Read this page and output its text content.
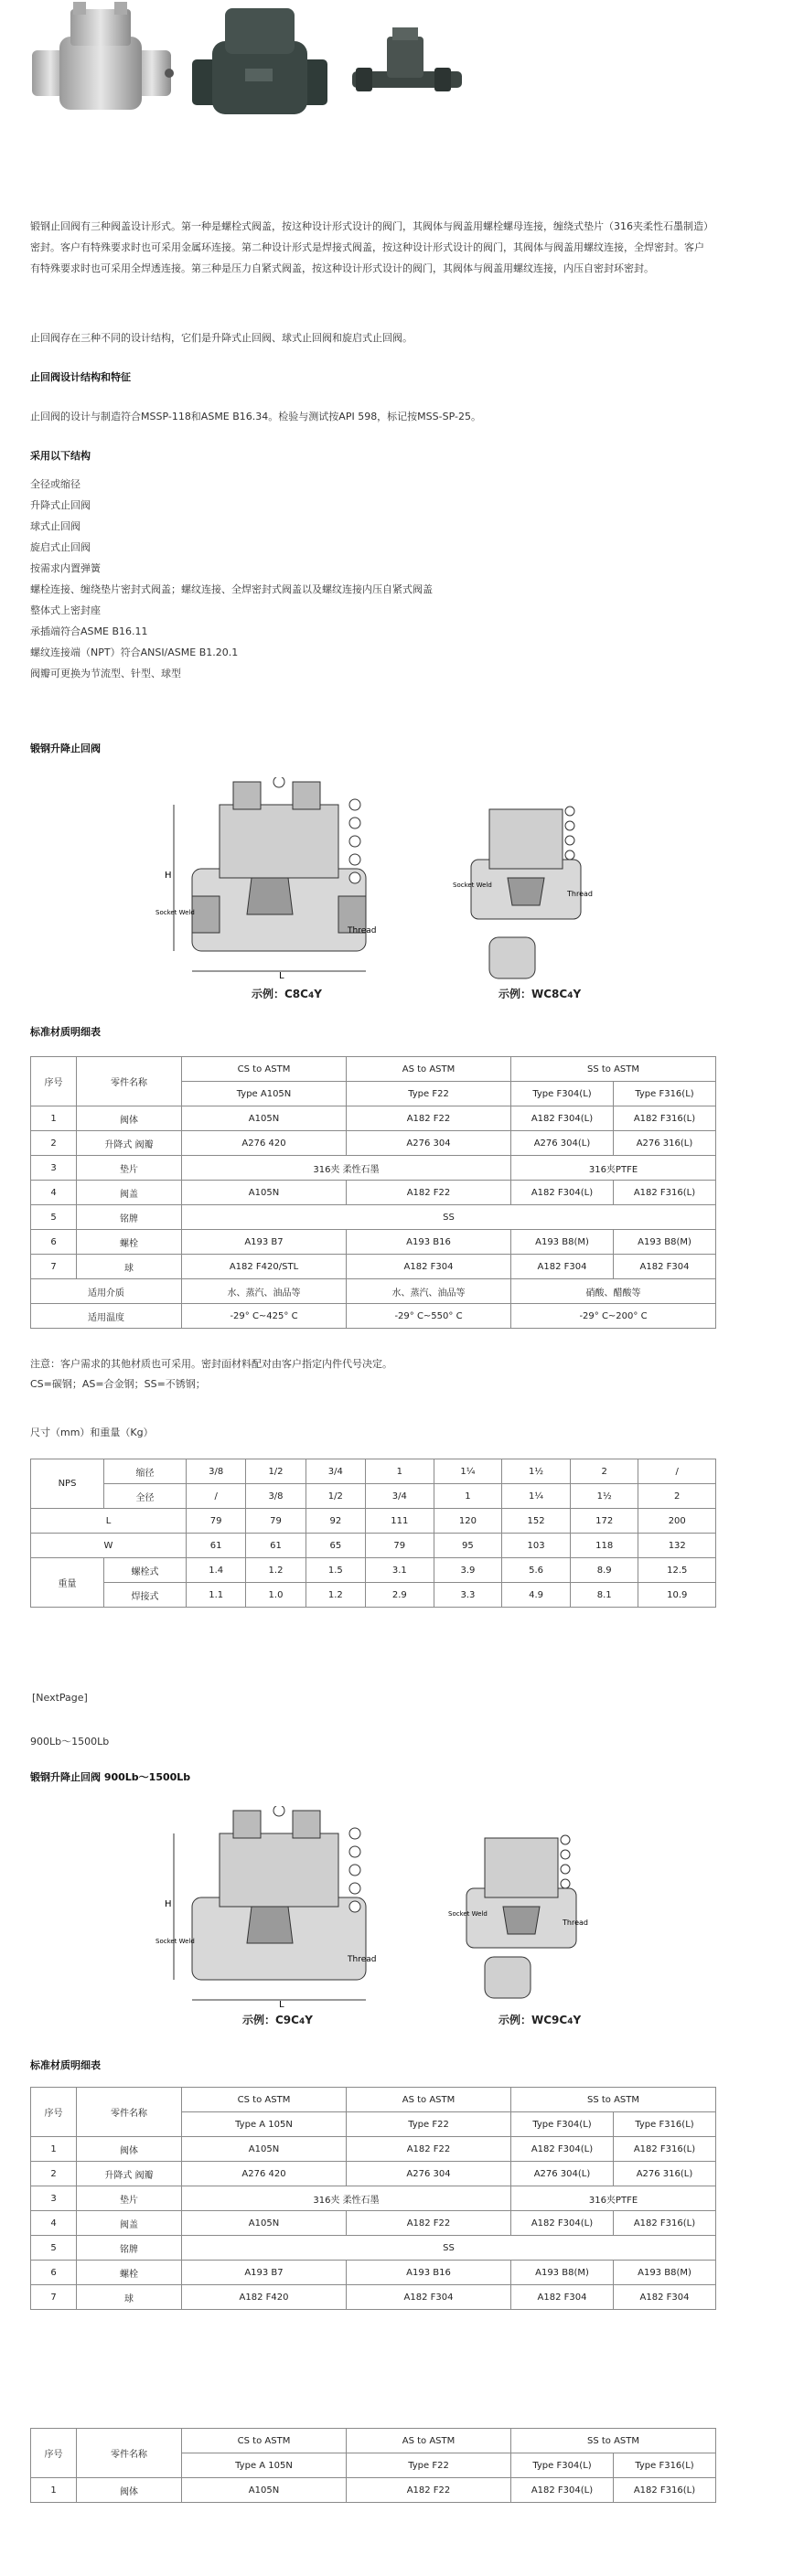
锻钢止回阀有三种阀盖设计形式。第一种是螺栓式阀盖，按这种设计形式设计的阀门，其阀体与阀盖用螺栓螺母连接，缠绕式垫片（316夹柔性石墨制造）密封。客户有特殊要求时也可采用金属环连接。第二种设计形式是焊接式阀盖，按这种设计形式设计的阀门，其阀体与阀盖用螺纹连接，全焊密封。客户有特殊要求时也可采用全焊透连接。第三种是压力自紧式阀盖，按这种设计形式设计的阀门，其阀体与阀盖用螺纹连接，内压自密封环密封。
止回阀存在三种不同的设计结构，它们是升降式止回阀、球式止回阀和旋启式止回阀。
止回阀设计结构和特征
止回阀的设计与制造符合MSSP-118和ASME B16.34。检验与测试按API 598，标记按MSS-SP-25。
采用以下结构
全径或缩径
升降式止回阀
球式止回阀
旋启式止回阀
按需求内置弹簧
螺栓连接、缠绕垫片密封式阀盖；螺纹连接、全焊密封式阀盖以及螺纹连接内压自紧式阀盖
整体式上密封座
承插端符合ASME B16.11
螺纹连接端（NPT）符合ANSI/ASME B1.20.1
阀瓣可更换为节流型、针型、球型
锻钢升降止回阀
H
L
Socket Weld
Thread
示例：C8C4Y
Socket Weld
Thread
示例：WC8C4Y
标准材质明细表
序号	零件名称	CS to ASTM	AS to ASTM	SS to ASTM	
		Type A105N	Type F22	Type F304(L)	Type F316(L)
1	阀体	A105N	A182 F22	A182 F304(L)	A182 F316(L)
2	升降式 阀瓣	A276 420	A276 304	A276 304(L)	A276 316(L)
3	垫片	316夹 柔性石墨		316夹PTFE	
4	阀盖	A105N	A182 F22	A182 F304(L)	A182 F316(L)
5	铭牌	SS			
6	螺栓	A193 B7	A193 B16	A193 B8(M)	A193 B8(M)
7	球	A182 F420/STL	A182 F304	A182 F304	A182 F304
适用介质		水、蒸汽、油品等	水、蒸汽、油品等	硝酸、醋酸等	
适用温度		-29° C~425° C	-29° C~550° C	-29° C~200° C	
注意：客户需求的其他材质也可采用。密封面材料配对由客户指定内件代号决定。
CS=碳钢；AS=合金钢；SS=不锈钢；
尺寸（mm）和重量（Kg）
NPS	缩径	3/8	1/2	3/4	1	1¼	1½	2	/
	全径	/	3/8	1/2	3/4	1	1¼	1½	2
L		79	79	92	111	120	152	172	200
W		61	61	65	79	95	103	118	132
重量	螺栓式	1.4	1.2	1.5	3.1	3.9	5.6	8.9	12.5
	焊接式	1.1	1.0	1.2	2.9	3.3	4.9	8.1	10.9
[NextPage]
900Lb～1500Lb
锻钢升降止回阀 900Lb～1500Lb
H
L
Socket Weld
Thread
示例：C9C4Y
Socket Weld
Thread
示例：WC9C4Y
标准材质明细表
序号	零件名称	CS to ASTM	AS to ASTM	SS to ASTM	
		Type A 105N	Type F22	Type F304(L)	Type F316(L)
1	阀体	A105N	A182 F22	A182 F304(L)	A182 F316(L)
2	升降式 阀瓣	A276 420	A276 304	A276 304(L)	A276 316(L)
3	垫片	316夹 柔性石墨		316夹PTFE	
4	阀盖	A105N	A182 F22	A182 F304(L)	A182 F316(L)
5	铭牌	SS			
6	螺栓	A193 B7	A193 B16	A193 B8(M)	A193 B8(M)
7	球	A182 F420	A182 F304	A182 F304	A182 F304
序号	零件名称	CS to ASTM	AS to ASTM	SS to ASTM	
		Type A 105N	Type F22	Type F304(L)	Type F316(L)
1	阀体	A105N	A182 F22	A182 F304(L)	A182 F316(L)
